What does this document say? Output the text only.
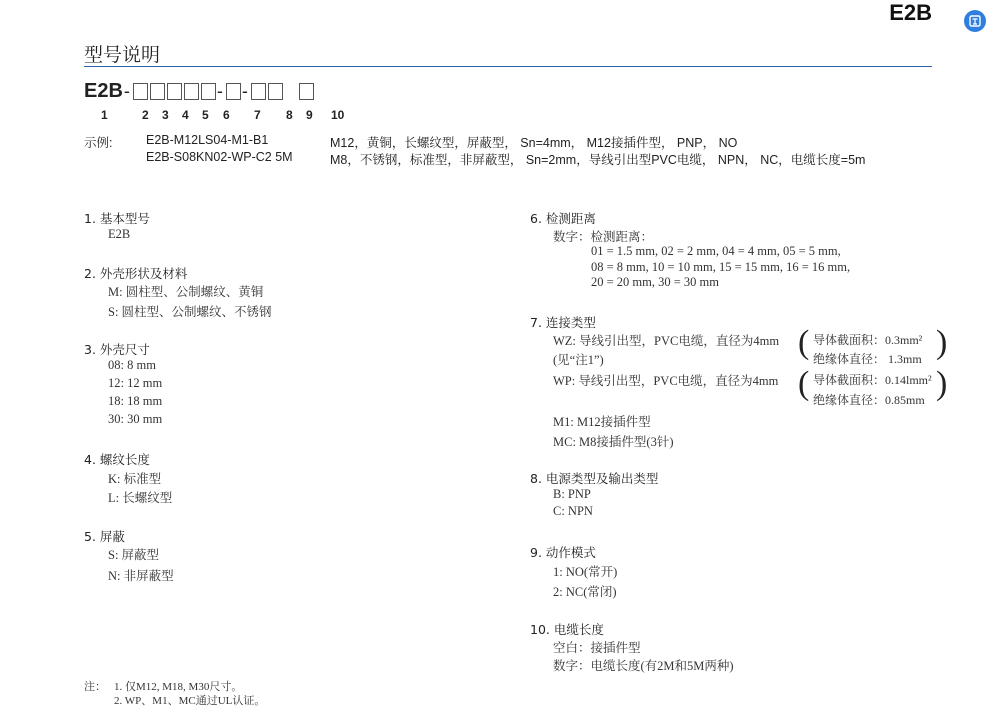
E2B
型号说明
E2B -	- -
1	2 3 4 5 6 7 8 9 10
示例:	E2B-M12LS04-M1-B1	M12，黄铜，长螺纹型，屏蔽型， Sn=4mm， M12接插件型， PNP， NO
E2B-S08KN02-WP-C2 5M	M8，不锈钢，标准型，非屏蔽型， Sn=2mm，导线引出型PVC电缆， NPN， NC，电缆长度=5m
1. 基本型号
E2B
2. 外壳形状及材料
M: 圆柱型、公制螺纹、黄铜
S: 圆柱型、公制螺纹、不锈钢
3. 外壳尺寸
08: 8 mm
12: 12 mm
18: 18 mm
30: 30 mm
4. 螺纹长度
K: 标准型
L: 长螺纹型
5. 屏蔽
S: 屏蔽型
N: 非屏蔽型
6. 检测距离
数字：检测距离：
01 = 1.5 mm, 02 = 2 mm, 04 = 4 mm, 05 = 5 mm,
08 = 8 mm, 10 = 10 mm, 15 = 15 mm, 16 = 16 mm,
20 = 20 mm, 30 = 30 mm
7. 连接类型
WZ: 导线引出型，PVC电缆，直径为4mm
(见“注1”)	( 导体截面积：0.3mm²
绝缘体直径： 1.3mm )
WP: 导线引出型，PVC电缆，直径为4mm ( 导体截面积：0.14lmm²
绝缘体直径：0.85mm )
M1: M12接插件型
MC: M8接插件型(3针)
8. 电源类型及输出类型
B: PNP
C: NPN
9. 动作模式
1: NO(常开)
2: NC(常闭)
10. 电缆长度
空白：接插件型
数字：电缆长度(有2M和5M两种)
注： 1. 仅M12, M18, M30尺寸。
2. WP、M1、MC通过UL认证。
